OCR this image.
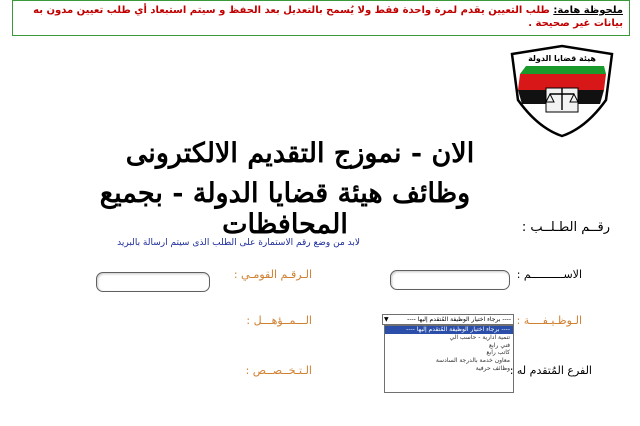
ملحوظة هامة: طلب التعيين يقدم لمرة واحدة فقط ولا يُسمح بالتعديل بعد الحفظ و سيتم استبعاد أي طلب تعيين مدون به بيانات غير صحيحة .
هيئة قضايا الدولة
الان - نموزج التقديم الالكترونى
وظائف هيئة قضايا الدولة - بجميع المحافظات	رقــم الطـلــب :
لابد من وضع رقم الاستمارة على الطلب الذى سيتم ارسالة بالبريد
الاســــــــــم :
الـرقـم القومـي :
الـوظـيـفــــة :
---- برجاء اختيار الوظيفة المُتقدم إليها ----
▼
---- برجاء اختيار الوظيفة المُتقدم إليها ----
تنمية ادارية - حاسب آلي
فني رابع
كاتب رابع
معاون خدمة بالدرجة السادسة
وظائف حرفية
الـــمــؤهـــل :
الفرع المُتقدم له :
الـتـخــصــص :
